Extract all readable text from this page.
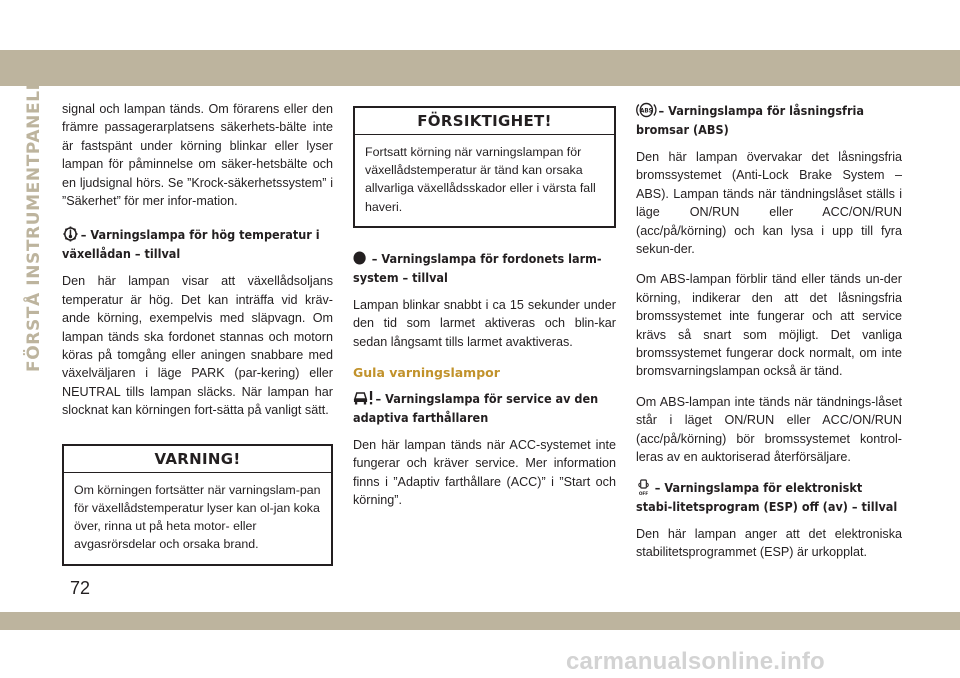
FÖRSTÅ INSTRUMENTPANELEN signal och lampan tänds. Om förarens eller den främre passagerarplatsens säkerhets-bälte inte är fastspänt under körning blinkar eller lyser lampan för påminnelse om säker-hetsbälte och en ljudsignal hörs. Se ”Krock-säkerhetssystem” i ”Säkerhet” för mer infor-mation.

– Varningslampa för hög temperatur i växellådan – tillval

Den här lampan visar att växellådsoljans temperatur är hög. Det kan inträffa vid kräv-ande körning, exempelvis med släpvagn. Om lampan tänds ska fordonet stannas och motorn köras på tomgång eller aningen snabbare med växelväljaren i läge PARK (par-kering) eller NEUTRAL tills lampan släcks. När lampan har slocknat kan körningen fort-sätta på vanligt sätt.

VARNING!
Om körningen fortsätter när varningslam-pan för växellådstemperatur lyser kan ol-jan koka över, rinna ut på heta motor- eller avgasrörsdelar och orsaka brand.
FÖRSIKTIGHET!
Fortsatt körning när varningslampan för växellådstemperatur är tänd kan orsaka allvarliga växellådsskador eller i värsta fall haveri.
– Varningslampa för fordonets larm-system – tillval

Lampan blinkar snabbt i ca 15 sekunder under den tid som larmet aktiveras och blin-kar sedan långsamt tills larmet avaktiveras.

Gula varningslampor
– Varningslampa för service av den adaptiva farthållaren

Den här lampan tänds när ACC-systemet inte fungerar och kräver service. Mer information finns i ”Adaptiv farthållare (ACC)” i ”Start och körning”.

ABS – Varningslampa för låsningsfria bromsar (ABS)

Den här lampan övervakar det låsningsfria bromssystemet (Anti-Lock Brake System – ABS). Lampan tänds när tändningslåset ställs i läge ON/RUN eller ACC/ON/RUN (acc/på/körning) och kan lysa i upp till fyra sekun-der.

Om ABS-lampan förblir tänd eller tänds un-der körning, indikerar den att det låsningsfria bromssystemet inte fungerar och att service krävs så snart som möjligt. Det vanliga bromssystemet fungerar dock normalt, om inte bromsvarningslampan också är tänd.

Om ABS-lampan inte tänds när tändnings-låset står i läget ON/RUN eller ACC/ON/RUN (acc/på/körning) bör bromssystemet kontrol-leras av en auktoriserad återförsäljare.

OFF – Varningslampa för elektroniskt stabi-litetsprogram (ESP) off (av) – tillval

Den här lampan anger att det elektroniska stabilitetsprogrammet (ESP) är urkopplat.

72
carmanualsonline.info
